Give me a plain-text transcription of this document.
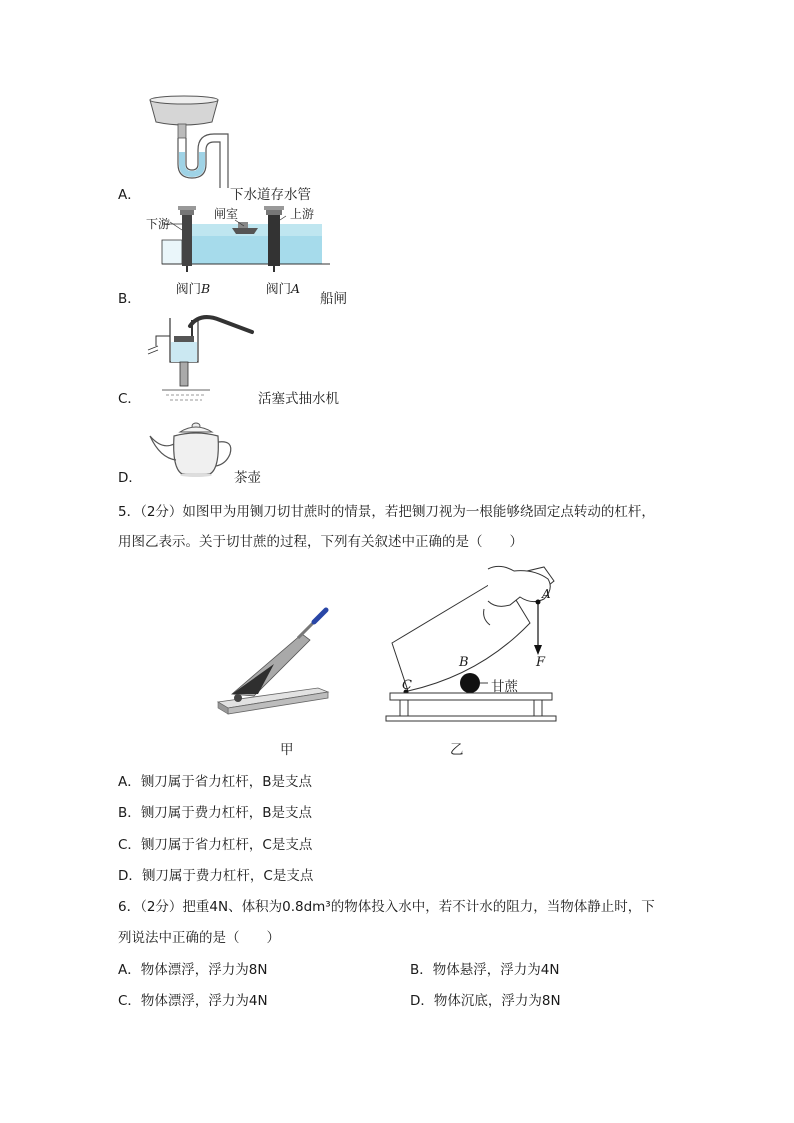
A．	下水道存水管
B．
下游
闸室	上游
阀门B	阀门A
船闸
C．	活塞式抽水机
D．	茶壶
5．（2分）如图甲为用铡刀切甘蔗时的情景，若把铡刀视为一根能够绕固定点转动的杠杆，
用图乙表示。关于切甘蔗的过程，下列有关叙述中正确的是（　　）
甲
A
F
B
C	甘蔗
乙
A．铡刀属于省力杠杆，B是支点
B．铡刀属于费力杠杆，B是支点
C．铡刀属于省力杠杆，C是支点
D．铡刀属于费力杠杆，C是支点
6．（2分）把重4N、体积为0.8dm³的物体投入水中，若不计水的阻力，当物体静止时，下
列说法中正确的是（　　）
A．物体漂浮，浮力为8N	B．物体悬浮，浮力为4N
C．物体漂浮，浮力为4N	D．物体沉底，浮力为8N
